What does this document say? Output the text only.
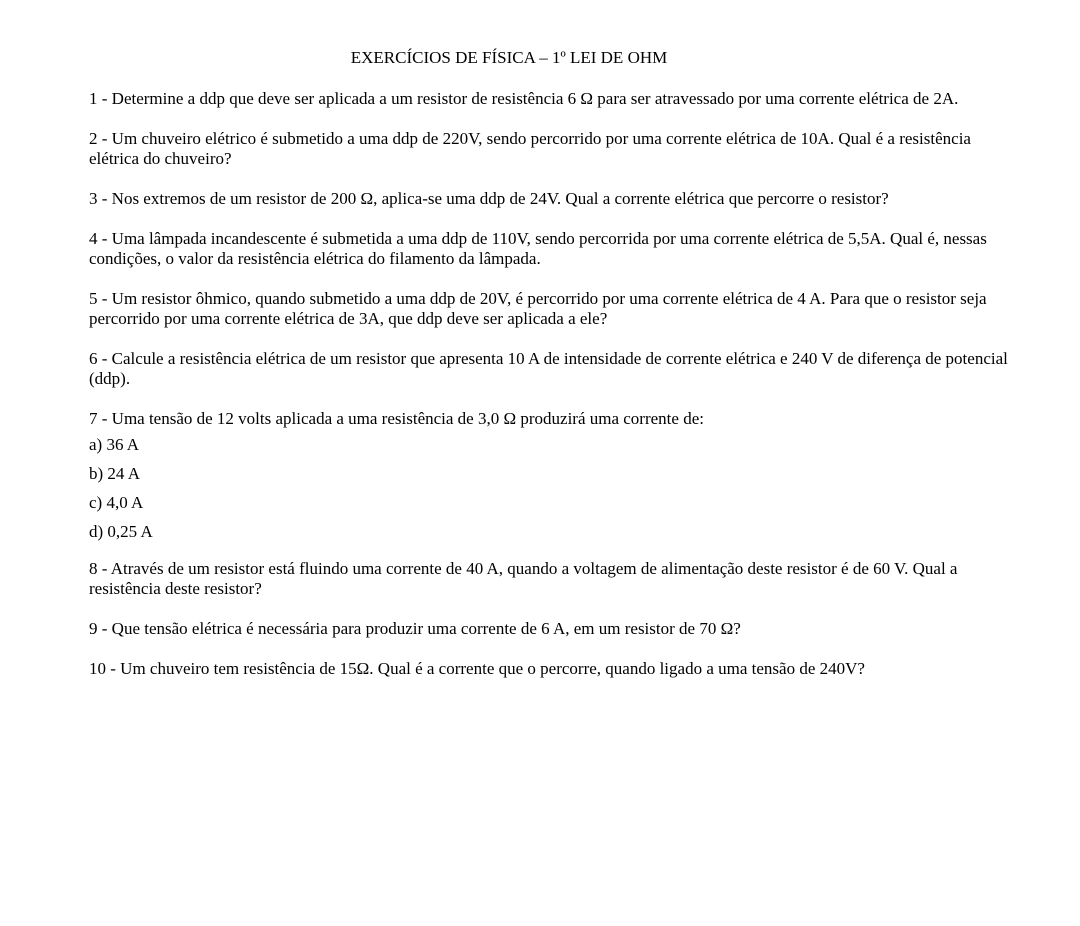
EXERCÍCIOS DE FÍSICA – 1º LEI DE OHM

1 - Determine a ddp que deve ser aplicada a um resistor de resistência 6 Ω para ser atravessado por uma corrente elétrica de 2A.

2 - Um chuveiro elétrico é submetido a uma ddp de 220V, sendo percorrido por uma corrente elétrica de 10A. Qual é a resistência elétrica do chuveiro?

3 - Nos extremos de um resistor de 200 Ω, aplica-se uma ddp de 24V. Qual a corrente elétrica que percorre o resistor?

4 - Uma lâmpada incandescente é submetida a uma ddp de 110V, sendo percorrida por uma corrente elétrica de 5,5A. Qual é, nessas condições, o valor da resistência elétrica do filamento da lâmpada.

5 - Um resistor ôhmico, quando submetido a uma ddp de 20V, é percorrido por uma corrente elétrica de 4 A. Para que o resistor seja percorrido por uma corrente elétrica de 3A, que ddp deve ser aplicada a ele?

6 - Calcule a resistência elétrica de um resistor que apresenta 10 A de intensidade de corrente elétrica e 240 V de diferença de potencial (ddp).

7 - Uma tensão de 12 volts aplicada a uma resistência de 3,0 Ω produzirá uma corrente de:

a) 36 A
b) 24 A
c) 4,0 A
d) 0,25 A

8 - Através de um resistor está fluindo uma corrente de 40 A, quando a voltagem de alimentação deste resistor é de 60 V. Qual a resistência deste resistor?

9 - Que tensão elétrica é necessária para produzir uma corrente de 6 A, em um resistor de 70 Ω?

10 - Um chuveiro tem resistência de 15Ω. Qual é a corrente que o percorre, quando ligado a uma tensão de 240V?
